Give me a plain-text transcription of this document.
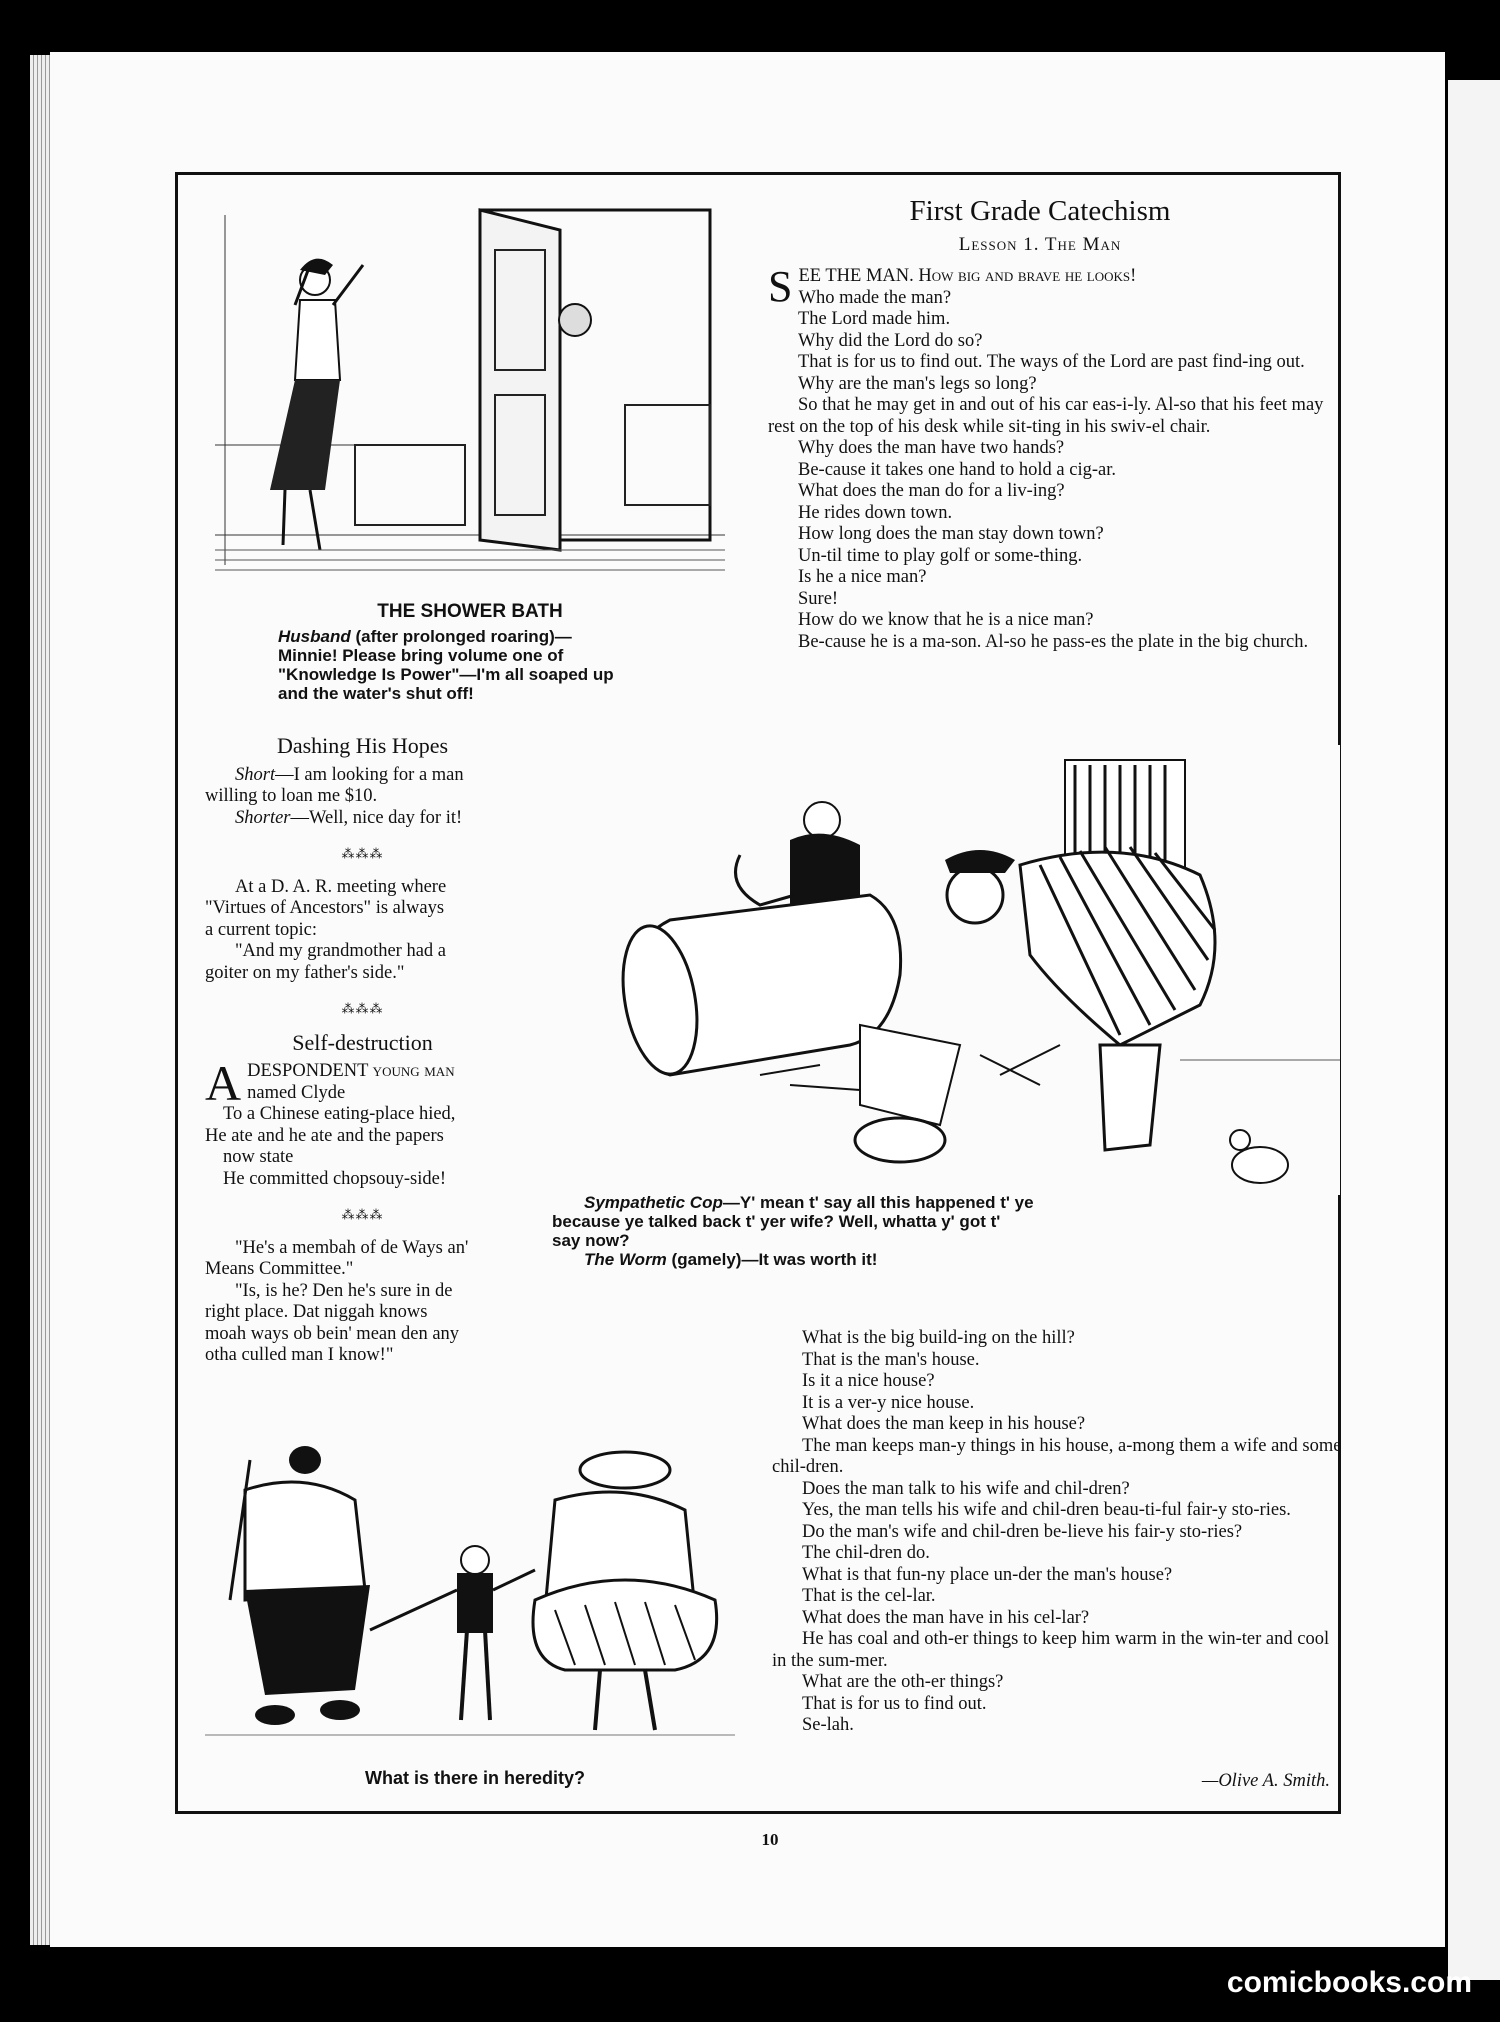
THE SHOWER BATH
Husband (after prolonged roaring)—
Minnie! Please bring volume one of
"Knowledge Is Power"—I'm all soaped up
and the water's shut off!
Dashing His Hopes

Short—I am looking for a man

willing to loan me $10.

Shorter—Well, nice day for it!

⁂⁂⁂

At a D. A. R. meeting where

"Virtues of Ancestors" is always

a current topic:

"And my grandmother had a

goiter on my father's side."

⁂⁂⁂
Self-destruction

ADESPONDENT young man

named Clyde

To a Chinese eating-place hied,

He ate and he ate and the papers

now state

He committed chopsouy-side!

⁂⁂⁂

"He's a membah of de Ways an'

Means Committee."

"Is, is he? Den he's sure in de

right place. Dat niggah knows

moah ways ob bein' mean den any

otha culled man I know!"

What is there in heredity?
First Grade Catechism
Lesson 1. The Man
S EE THE MAN. How big and brave he looks!

Who made the man?

The Lord made him.

Why did the Lord do so?

That is for us to find out. The ways of the Lord are past find-ing out.

Why are the man's legs so long?

So that he may get in and out of his car eas-i-ly. Al-so that his feet may rest on the top of his desk while sit-ting in his swiv-el chair.

Why does the man have two hands?

Be-cause it takes one hand to hold a cig-ar.

What does the man do for a liv-ing?

He rides down town.

How long does the man stay down town?

Un-til time to play golf or some-thing.

Is he a nice man?

Sure!

How do we know that he is a nice man?

Be-cause he is a ma-son. Al-so he pass-es the plate in the big church.

Sympathetic Cop—Y' mean t' say all this happened t' ye
because ye talked back t' yer wife? Well, whatta y' got t'
say now?
The Worm (gamely)—It was worth it!

What is the big build-ing on the hill?

That is the man's house.

Is it a nice house?

It is a ver-y nice house.

What does the man keep in his house?

The man keeps man-y things in his house, a-mong them a wife and some chil-dren.

Does the man talk to his wife and chil-dren?

Yes, the man tells his wife and chil-dren beau-ti-ful fair-y sto-ries.

Do the man's wife and chil-dren be-lieve his fair-y sto-ries?

The chil-dren do.

What is that fun-ny place un-der the man's house?

That is the cel-lar.

What does the man have in his cel-lar?

He has coal and oth-er things to keep him warm in the win-ter and cool in the sum-mer.

What are the oth-er things?

That is for us to find out.

Se-lah.

—Olive A. Smith.
10
comicbooks.com
